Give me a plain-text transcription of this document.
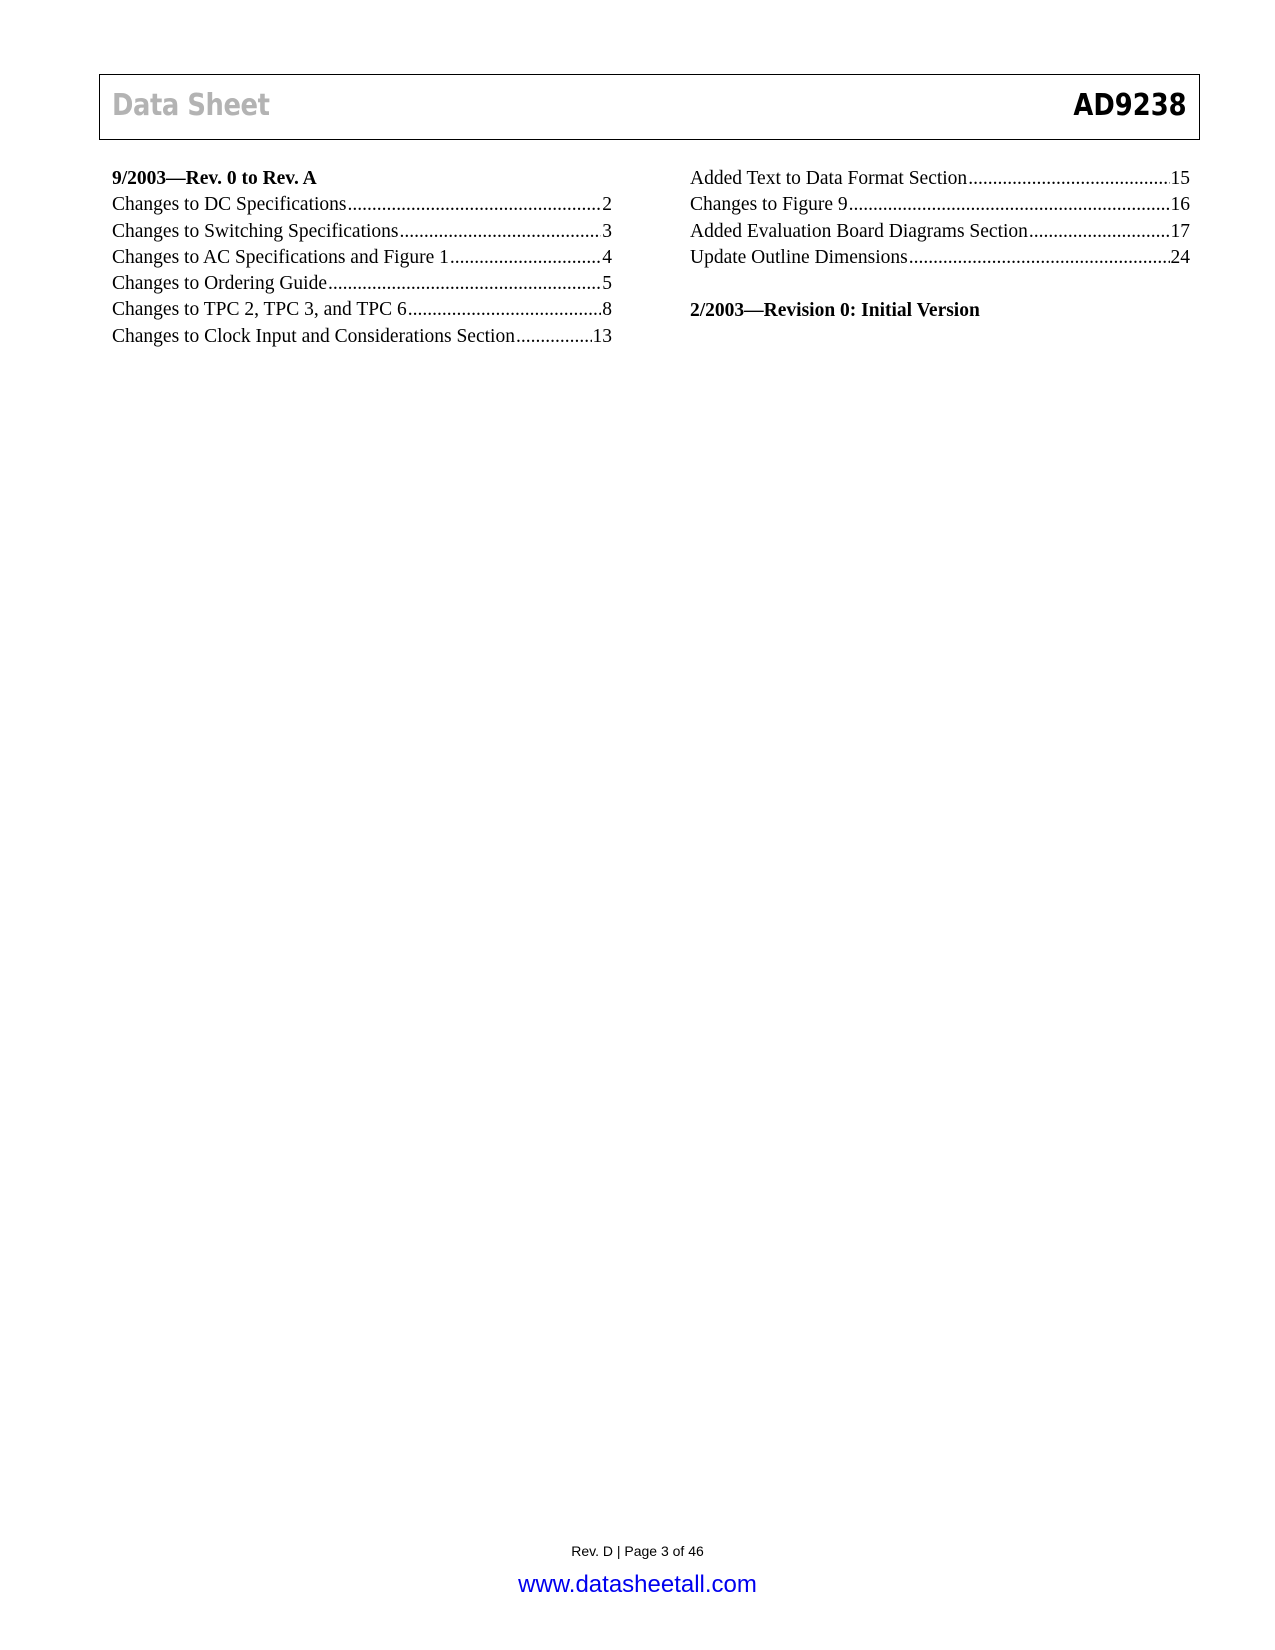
Data Sheet	AD9238
9/2003—Rev. 0 to Rev. A
Changes to DC Specifications .....	2
Changes to Switching Specifications .....	3
Changes to AC Specifications and Figure 1 .....	4
Changes to Ordering Guide .....	5
Changes to TPC 2, TPC 3, and TPC 6 .....	8
Changes to Clock Input and Considerations Section .....	13
Added Text to Data Format Section .....	15
Changes to Figure 9 .....	16
Added Evaluation Board Diagrams Section .....	17
Update Outline Dimensions .....	24
2/2003—Revision 0: Initial Version
Rev. D | Page 3 of 46
www.datasheetall.com
